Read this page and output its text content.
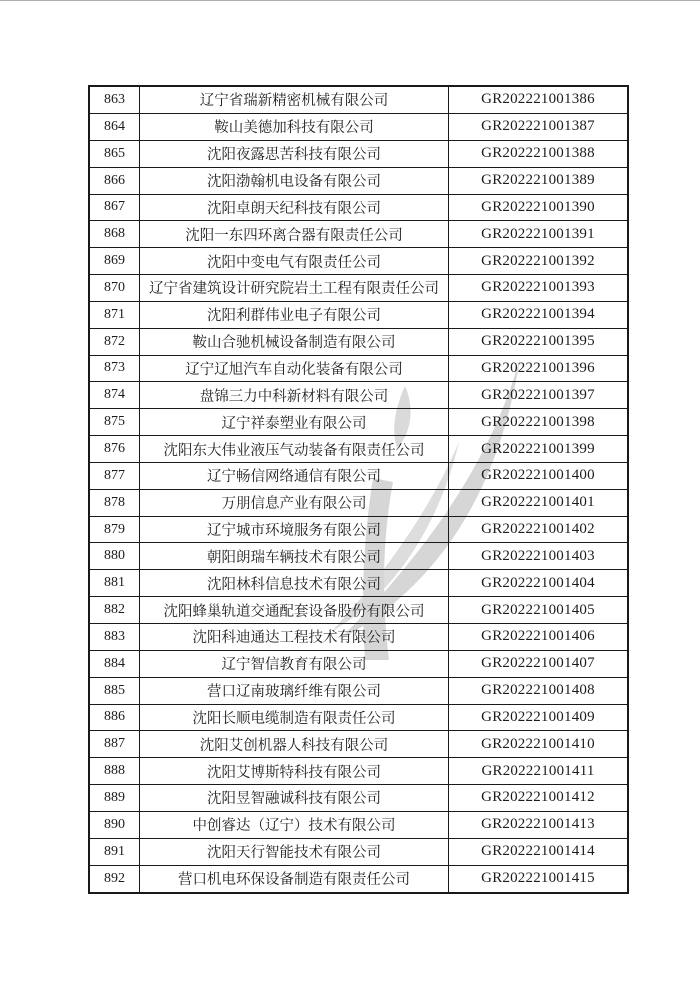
863	辽宁省瑞新精密机械有限公司	GR202221001386
864	鞍山美德加科技有限公司	GR202221001387
865	沈阳夜露思苦科技有限公司	GR202221001388
866	沈阳渤翰机电设备有限公司	GR202221001389
867	沈阳卓朗天纪科技有限公司	GR202221001390
868	沈阳一东四环离合器有限责任公司	GR202221001391
869	沈阳中变电气有限责任公司	GR202221001392
870	辽宁省建筑设计研究院岩土工程有限责任公司	GR202221001393
871	沈阳利群伟业电子有限公司	GR202221001394
872	鞍山合驰机械设备制造有限公司	GR202221001395
873	辽宁辽旭汽车自动化装备有限公司	GR202221001396
874	盘锦三力中科新材料有限公司	GR202221001397
875	辽宁祥泰塑业有限公司	GR202221001398
876	沈阳东大伟业液压气动装备有限责任公司	GR202221001399
877	辽宁畅信网络通信有限公司	GR202221001400
878	万朋信息产业有限公司	GR202221001401
879	辽宁城市环境服务有限公司	GR202221001402
880	朝阳朗瑞车辆技术有限公司	GR202221001403
881	沈阳林科信息技术有限公司	GR202221001404
882	沈阳蜂巢轨道交通配套设备股份有限公司	GR202221001405
883	沈阳科迪通达工程技术有限公司	GR202221001406
884	辽宁智信教育有限公司	GR202221001407
885	营口辽南玻璃纤维有限公司	GR202221001408
886	沈阳长顺电缆制造有限责任公司	GR202221001409
887	沈阳艾创机器人科技有限公司	GR202221001410
888	沈阳艾博斯特科技有限公司	GR202221001411
889	沈阳昱智融诚科技有限公司	GR202221001412
890	中创睿达（辽宁）技术有限公司	GR202221001413
891	沈阳天行智能技术有限公司	GR202221001414
892	营口机电环保设备制造有限责任公司	GR202221001415
